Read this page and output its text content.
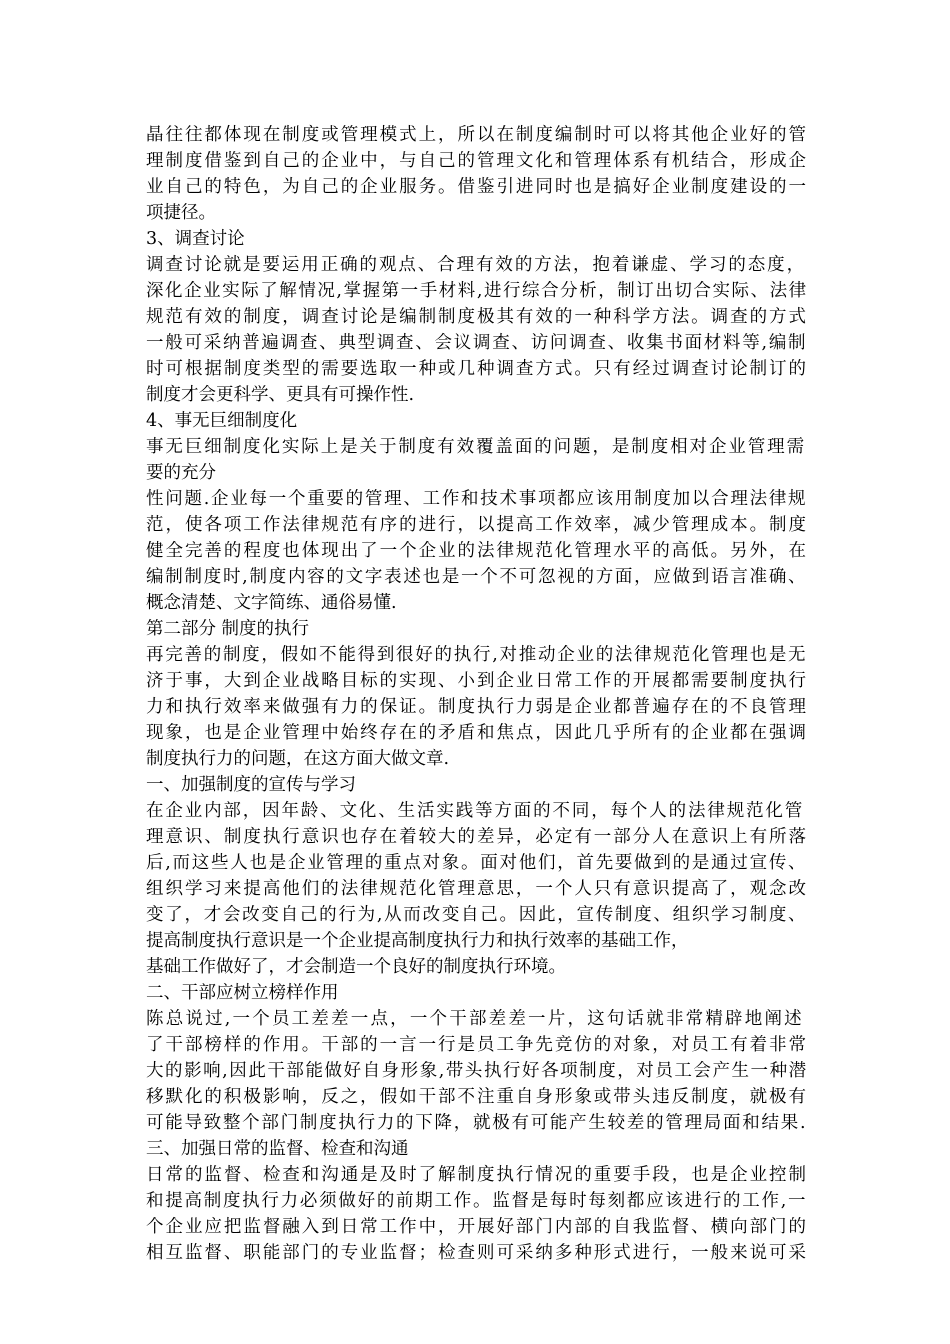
晶往往都体现在制度或管理模式上，所以在制度编制时可以将其他企业好的管
理制度借鉴到自己的企业中，与自己的管理文化和管理体系有机结合，形成企
业自己的特色，为自己的企业服务。借鉴引进同时也是搞好企业制度建设的一
项捷径。
3、调查讨论
调查讨论就是要运用正确的观点、合理有效的方法，抱着谦虚、学习的态度，
深化企业实际了解情况,掌握第一手材料,进行综合分析，制订出切合实际、法律
规范有效的制度，调查讨论是编制制度极其有效的一种科学方法。调查的方式
一般可采纳普遍调查、典型调查、会议调查、访问调查、收集书面材料等,编制
时可根据制度类型的需要选取一种或几种调查方式。只有经过调查讨论制订的
制度才会更科学、更具有可操作性.
4、事无巨细制度化
事无巨细制度化实际上是关于制度有效覆盖面的问题，是制度相对企业管理需
要的充分
性问题.企业每一个重要的管理、工作和技术事项都应该用制度加以合理法律规
范，使各项工作法律规范有序的进行，以提高工作效率，减少管理成本。制度
健全完善的程度也体现出了一个企业的法律规范化管理水平的高低。另外，在
编制制度时,制度内容的文字表述也是一个不可忽视的方面，应做到语言准确、
概念清楚、文字简练、通俗易懂.
第二部分 制度的执行
再完善的制度，假如不能得到很好的执行,对推动企业的法律规范化管理也是无
济于事，大到企业战略目标的实现、小到企业日常工作的开展都需要制度执行
力和执行效率来做强有力的保证。制度执行力弱是企业都普遍存在的不良管理
现象，也是企业管理中始终存在的矛盾和焦点，因此几乎所有的企业都在强调
制度执行力的问题，在这方面大做文章.
一、加强制度的宣传与学习
在企业内部，因年龄、文化、生活实践等方面的不同，每个人的法律规范化管
理意识、制度执行意识也存在着较大的差异，必定有一部分人在意识上有所落
后,而这些人也是企业管理的重点对象。面对他们，首先要做到的是通过宣传、
组织学习来提高他们的法律规范化管理意思，一个人只有意识提高了，观念改
变了，才会改变自己的行为,从而改变自己。因此，宣传制度、组织学习制度、
提高制度执行意识是一个企业提高制度执行力和执行效率的基础工作，
基础工作做好了，才会制造一个良好的制度执行环境。
二、干部应树立榜样作用
陈总说过,一个员工差差一点，一个干部差差一片，这句话就非常精辟地阐述
了干部榜样的作用。干部的一言一行是员工争先竞仿的对象，对员工有着非常
大的影响,因此干部能做好自身形象,带头执行好各项制度，对员工会产生一种潜
移默化的积极影响，反之，假如干部不注重自身形象或带头违反制度，就极有
可能导致整个部门制度执行力的下降，就极有可能产生较差的管理局面和结果.
三、加强日常的监督、检查和沟通
日常的监督、检查和沟通是及时了解制度执行情况的重要手段，也是企业控制
和提高制度执行力必须做好的前期工作。监督是每时每刻都应该进行的工作,一
个企业应把监督融入到日常工作中，开展好部门内部的自我监督、横向部门的
相互监督、职能部门的专业监督；检查则可采纳多种形式进行，一般来说可采
